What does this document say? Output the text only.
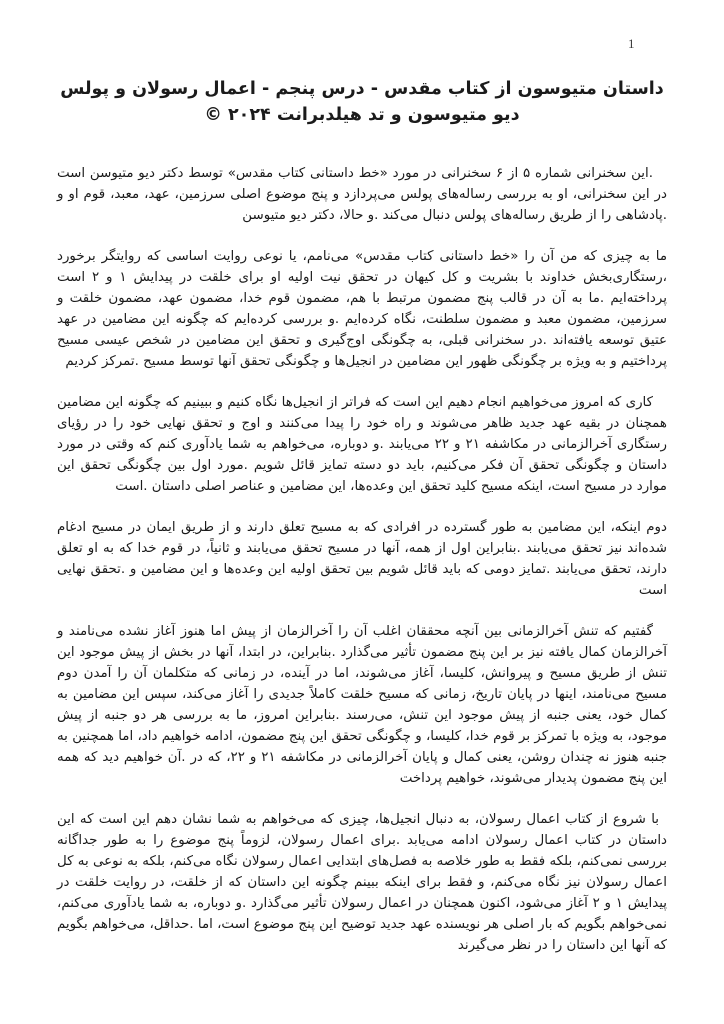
1
داستان متیوسون از کتاب مقدس - درس پنجم - اعمال رسولان و پولس
دیو متیوسون و تد هیلدبرانت ۲۰۲۴ ©

.این سخنرانی شماره ۵ از ۶ سخنرانی در مورد «خط داستانی کتاب مقدس» توسط دکتر دیو متیوسن است در این سخنرانی، او به بررسی رساله‌های پولس می‌پردازد و پنج موضوع اصلی سرزمین، عهد، معبد، قوم او و .پادشاهی را از طریق رساله‌های پولس دنبال می‌کند .و حالا، دکتر دیو متیوسن

ما به چیزی که من آن را «خط داستانی کتاب مقدس» می‌نامم، یا نوعی روایت اساسی که روایتگر برخورد ،رستگاری‌بخش خداوند با بشریت و کل کیهان در تحقق نیت اولیه او برای خلقت در پیدایش ۱ و ۲ است پرداخته‌ایم .ما به آن در قالب پنج مضمون مرتبط با هم، مضمون قوم خدا، مضمون عهد، مضمون خلقت و سرزمین، مضمون معبد و مضمون سلطنت، نگاه کرده‌ایم .و بررسی کرده‌ایم که چگونه این مضامین در عهد عتیق توسعه یافته‌اند .در سخنرانی قبلی، به چگونگی اوج‌گیری و تحقق این مضامین در شخص عیسی مسیح پرداختیم و به ویژه بر چگونگی ظهور این مضامین در انجیل‌ها و چگونگی تحقق آنها توسط مسیح .تمرکز کردیم

کاری که امروز می‌خواهیم انجام دهیم این است که فراتر از انجیل‌ها نگاه کنیم و ببینیم که چگونه این مضامین همچنان در بقیه عهد جدید ظاهر می‌شوند و راه خود را پیدا می‌کنند و اوج و تحقق نهایی خود را در رؤیای رستگاری آخرالزمانی در مکاشفه ۲۱ و ۲۲ می‌یابند .و دوباره، می‌خواهم به شما یادآوری کنم که وقتی در مورد داستان و چگونگی تحقق آن فکر می‌کنیم، باید دو دسته تمایز قائل شویم .مورد اول بین چگونگی تحقق این موارد در مسیح است، اینکه مسیح کلید تحقق این وعده‌ها، این مضامین و عناصر اصلی داستان .است

دوم اینکه، این مضامین به طور گسترده در افرادی که به مسیح تعلق دارند و از طریق ایمان در مسیح ادغام شده‌اند نیز تحقق می‌یابند .بنابراین اول از همه، آنها در مسیح تحقق می‌یابند و ثانیاً، در قوم خدا که به او تعلق دارند، تحقق می‌یابند .تمایز دومی که باید قائل شویم بین تحقق اولیه این وعده‌ها و این مضامین و .تحقق نهایی است

گفتیم که تنش آخرالزمانی بین آنچه محققان اغلب آن را آخرالزمان از پیش اما هنوز آغاز نشده می‌نامند و آخرالزمان کمال یافته نیز بر این پنج مضمون تأثیر می‌گذارد .بنابراین، در ابتدا، آنها در بخش از پیش موجود این تنش از طریق مسیح و پیروانش، کلیسا، آغاز می‌شوند، اما در آینده، در زمانی که متکلمان آن را آمدن دوم مسیح می‌نامند، اینها در پایان تاریخ، زمانی که مسیح خلقت کاملاً جدیدی را آغاز می‌کند، سپس این مضامین به کمال خود، یعنی جنبه از پیش موجود این تنش، می‌رسند .بنابراین امروز، ما به بررسی هر دو جنبه از پیش موجود، به ویژه با تمرکز بر قوم خدا، کلیسا، و چگونگی تحقق این پنج مضمون، ادامه خواهیم داد، اما همچنین به جنبه هنوز نه چندان روشن، یعنی کمال و پایان آخرالزمانی در مکاشفه ۲۱ و ۲۲، که در .آن خواهیم دید که همه این پنج مضمون پدیدار می‌شوند، خواهیم پرداخت

با شروع از کتاب اعمال رسولان، به دنبال انجیل‌ها، چیزی که می‌خواهم به شما نشان دهم این است که این داستان در کتاب اعمال رسولان ادامه می‌یابد .برای اعمال رسولان، لزوماً پنج موضوع را به طور جداگانه بررسی نمی‌کنم، بلکه فقط به طور خلاصه به فصل‌های ابتدایی اعمال رسولان نگاه می‌کنم، بلکه به نوعی به کل اعمال رسولان نیز نگاه می‌کنم، و فقط برای اینکه ببینم چگونه این داستان که از خلقت، در روایت خلقت در پیدایش ۱ و ۲ آغاز می‌شود، اکنون همچنان در اعمال رسولان تأثیر می‌گذارد .و دوباره، به شما یادآوری می‌کنم، نمی‌خواهم بگویم که بار اصلی هر نویسنده عهد جدید توضیح این پنج موضوع است، اما .حداقل، می‌خواهم بگویم که آنها این داستان را در نظر می‌گیرند
